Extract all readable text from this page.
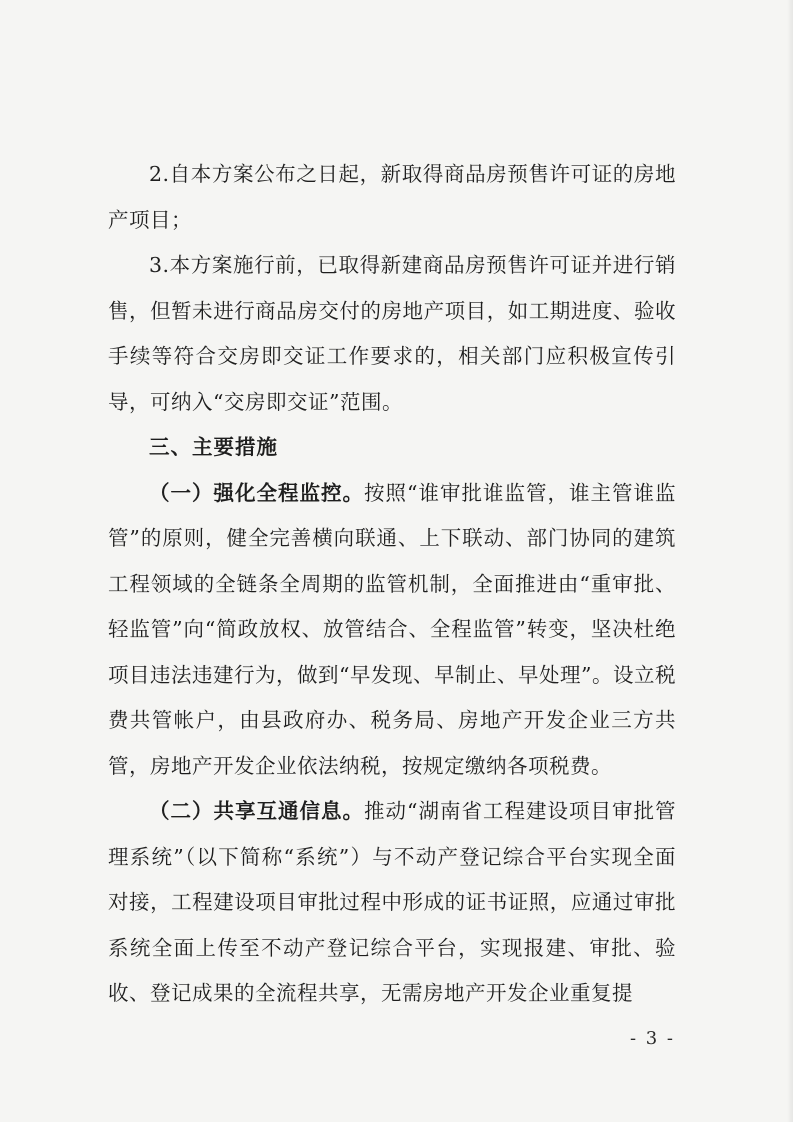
2.自本方案公布之日起，新取得商品房预售许可证的房地产项目；

3.本方案施行前，已取得新建商品房预售许可证并进行销售，但暂未进行商品房交付的房地产项目，如工期进度、验收手续等符合交房即交证工作要求的，相关部门应积极宣传引导，可纳入“交房即交证”范围。

三、主要措施

（一）强化全程监控。按照“谁审批谁监管，谁主管谁监管”的原则，健全完善横向联通、上下联动、部门协同的建筑工程领域的全链条全周期的监管机制，全面推进由“重审批、轻监管”向“简政放权、放管结合、全程监管”转变，坚决杜绝项目违法违建行为，做到“早发现、早制止、早处理”。设立税费共管帐户，由县政府办、税务局、房地产开发企业三方共管，房地产开发企业依法纳税，按规定缴纳各项税费。

（二）共享互通信息。推动“湖南省工程建设项目审批管理系统”（以下简称“系统”）与不动产登记综合平台实现全面对接，工程建设项目审批过程中形成的证书证照，应通过审批系统全面上传至不动产登记综合平台，实现报建、审批、验收、登记成果的全流程共享，无需房地产开发企业重复提

- 3 -
